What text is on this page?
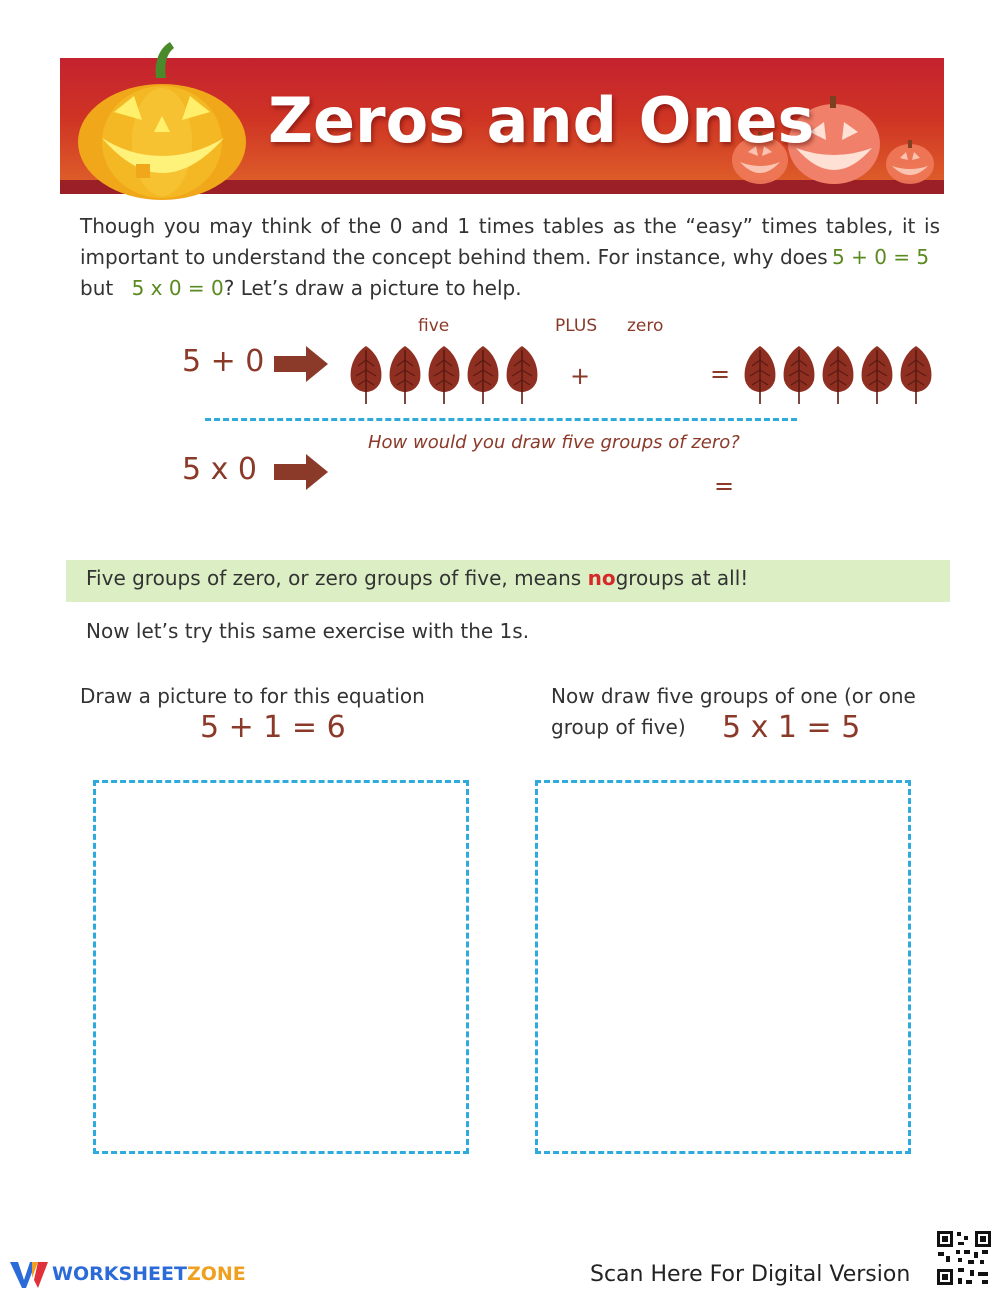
Zeros and Ones
Though you may think of the 0 and 1 times tables as the “easy” times tables, it is
important to understand the concept behind them. For instance, why does 5 + 0 = 5
but 5 x 0 = 0? Let’s draw a picture to help.
five	PLUS zero
5 + 0	+	=
How would you draw five groups of zero?
5 x 0	=
Five groups of zero, or zero groups of five, means nogroups at all!
Now let’s try this same exercise with the 1s.
Draw a picture to for this equation
5 + 1 = 6
Now draw five groups of one (or one
group of five) 5 x 1 = 5
WORKSHEETZONE	Scan Here For Digital Version
